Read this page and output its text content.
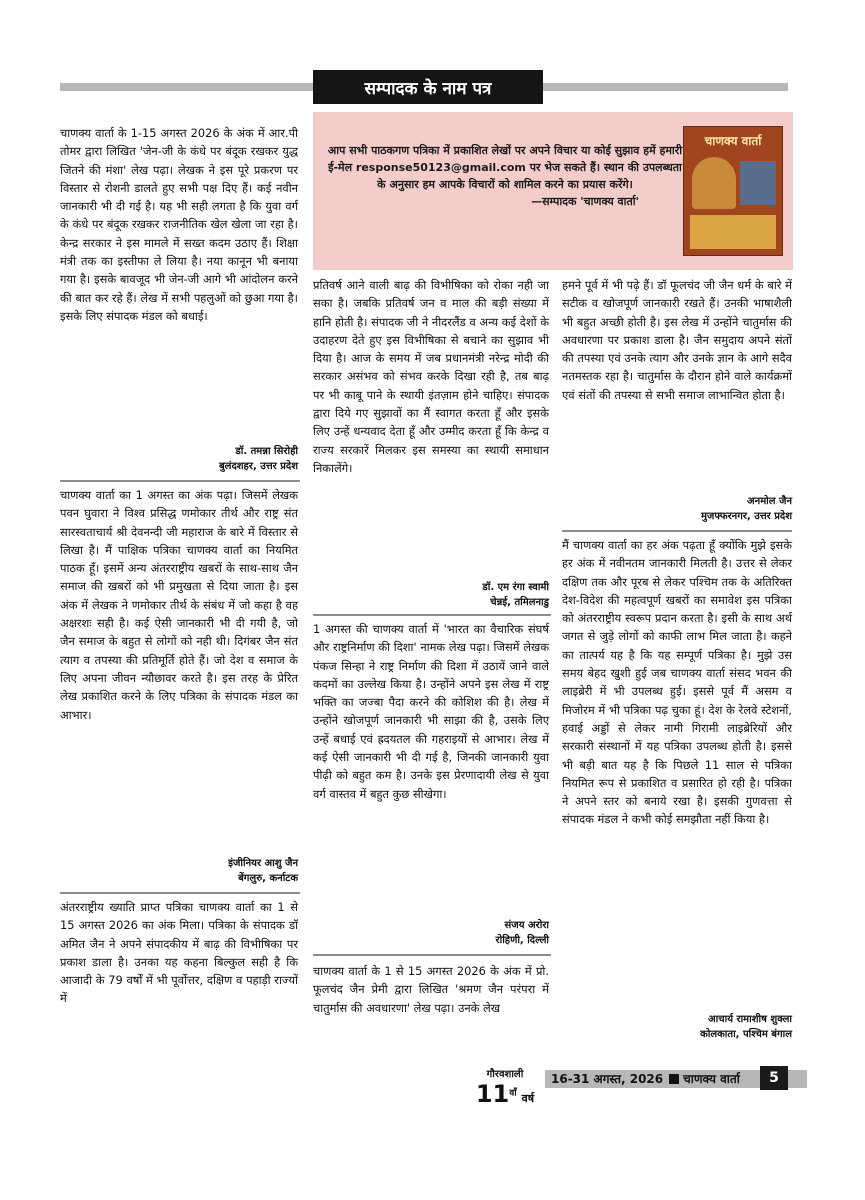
सम्पादक के नाम पत्र
आप सभी पाठकगण पत्रिका में प्रकाशित लेखों पर अपने विचार या कोई सुझाव हमें हमारी ई-मेल response50123@gmail.com पर भेज सकते हैं। स्थान की उपलब्धता के अनुसार हम आपके विचारों को शामिल करने का प्रयास करेंगे।
—सम्पादक 'चाणक्य वार्ता'
चाणक्य वार्ता

चाणक्य वार्ता के 1-15 अगस्त 2026 के अंक में आर.पी तोमर द्वारा लिखित 'जेन-जी के कंधे पर बंदूक रखकर युद्ध जितने की मंशा' लेख पढ़ा। लेखक ने इस पूरे प्रकरण पर विस्तार से रोशनी डालते हुए सभी पक्ष दिए हैं। कई नवीन जानकारी भी दी गई है। यह भी सही लगता है कि युवा वर्ग के कंधे पर बंदूक रखकर राजनीतिक खेल खेला जा रहा है। केन्द्र सरकार ने इस मामले में सख्त कदम उठाए हैं। शिक्षा मंत्री तक का इस्तीफा ले लिया है। नया कानून भी बनाया गया है। इसके बावजूद भी जेन-जी आगे भी आंदोलन करने की बात कर रहे हैं। लेख में सभी पहलुओं को छुआ गया है। इसके लिए संपादक मंडल को बधाई।

डॉ. तमन्ना सिरोही
बुलंदशहर, उत्तर प्रदेश

चाणक्य वार्ता का 1 अगस्त का अंक पढ़ा। जिसमें लेखक पवन घुवारा ने विश्व प्रसिद्ध णमोकार तीर्थ और राष्ट्र संत सारस्वताचार्य श्री देवनन्दी जी महाराज के बारे में विस्तार से लिखा है। मैं पाक्षिक पत्रिका चाणक्य वार्ता का नियमित पाठक हूँ। इसमें अन्य अंतरराष्ट्रीय खबरों के साथ-साथ जैन समाज की खबरों को भी प्रमुखता से दिया जाता है। इस अंक में लेखक ने णमोकार तीर्थ के संबंध में जो कहा है वह अक्षरशः सही है। कई ऐसी जानकारी भी दी गयी है, जो जैन समाज के बहुत से लोगों को नही थी। दिगंबर जैन संत त्याग व तपस्या की प्रतिमूर्ति होते हैं। जो देश व समाज के लिए अपना जीवन न्यौछावर करते है। इस तरह के प्रेरित लेख प्रकाशित करने के लिए पत्रिका के संपादक मंडल का आभार।

इंजीनियर आशु जैन
बेंगलुरु, कर्नाटक

अंतरराष्ट्रीय ख्याति प्राप्त पत्रिका चाणक्य वार्ता का 1 से 15 अगस्त 2026 का अंक मिला। पत्रिका के संपादक डॉ अमित जैन ने अपने संपादकीय में बाढ़ की विभीषिका पर प्रकाश डाला है। उनका यह कहना बिल्कुल सही है कि आजादी के 79 वर्षों में भी पूर्वोत्तर, दक्षिण व पहाड़ी राज्यों में

प्रतिवर्ष आने वाली बाढ़ की विभीषिका को रोका नही जा सका है। जबकि प्रतिवर्ष जन व माल की बड़ी संख्या में हानि होती है। संपादक जी ने नीदरलैंड व अन्य कई देशों के उदाहरण देते हुए इस विभीषिका से बचाने का सुझाव भी दिया है। आज के समय में जब प्रधानमंत्री नरेन्द्र मोदी की सरकार असंभव को संभव करके दिखा रही है, तब बाढ़ पर भी काबू पाने के स्थायी इंतज़ाम होने चाहिए। संपादक द्वारा दिये गए सुझावों का मैं स्वागत करता हूँ और इसके लिए उन्हें धन्यवाद देता हूँ और उम्मीद करता हूँ कि केन्द्र व राज्य सरकारें मिलकर इस समस्या का स्थायी समाधान निकालेंगे।

डॉ. एम रंगा स्वामी
चेन्नई, तमिलनाडु

1 अगस्त की चाणक्य वार्ता में 'भारत का वैचारिक संघर्ष और राष्ट्रनिर्माण की दिशा' नामक लेख पढ़ा। जिसमें लेखक पंकज सिन्हा ने राष्ट्र निर्माण की दिशा में उठायें जाने वाले कदमों का उल्लेख किया है। उन्होंने अपने इस लेख में राष्ट्र भक्ति का जज्बा पैदा करने की कोशिश की है। लेख में उन्होंने खोजपूर्ण जानकारी भी साझा की है, उसके लिए उन्हें बधाई एवं ह्रदयतल की गहराइयों से आभार। लेख में कई ऐसी जानकारी भी दी गई है, जिनकी जानकारी युवा पीढ़ी को बहुत कम है। उनके इस प्रेरणादायी लेख से युवा वर्ग वास्तव में बहुत कुछ सीखेगा।

संजय अरोरा
रोहिणी, दिल्ली

चाणक्य वार्ता के 1 से 15 अगस्त 2026 के अंक में प्रो. फूलचंद जैन प्रेमी द्वारा लिखित 'श्रमण जैन परंपरा में चातुर्मास की अवधारणा' लेख पढ़ा। उनके लेख

हमने पूर्व में भी पढ़े हैं। डॉ फूलचंद जी जैन धर्म के बारे में सटीक व खोजपूर्ण जानकारी रखते हैं। उनकी भाषाशैली भी बहुत अच्छी होती है। इस लेख में उन्होंने चातुर्मास की अवधारणा पर प्रकाश डाला है। जैन समुदाय अपने संतों की तपस्या एवं उनके त्याग और उनके ज्ञान के आगे सदैव नतमस्तक रहा है। चातुर्मास के दौरान होने वाले कार्यक्रमों एवं संतों की तपस्या से सभी समाज लाभान्वित होता है।

अनमोल जैन
मुजफ्फरनगर, उत्तर प्रदेश

मैं चाणक्य वार्ता का हर अंक पढ़ता हूँ क्योंकि मुझे इसके हर अंक में नवीनतम जानकारी मिलती है। उत्तर से लेकर दक्षिण तक और पूरब से लेकर पश्चिम तक के अतिरिक्त देश-विदेश की महत्वपूर्ण खबरों का समावेश इस पत्रिका को अंतरराष्ट्रीय स्वरूप प्रदान करता है। इसी के साथ अर्थ जगत से जुड़े लोगों को काफी लाभ मिल जाता है। कहने का तात्पर्य यह है कि यह सम्पूर्ण पत्रिका है। मुझे उस समय बेहद खुशी हुई जब चाणक्य वार्ता संसद भवन की लाइब्रेरी में भी उपलब्ध हुई। इससे पूर्व मैं असम व मिजोरम में भी पत्रिका पढ़ चुका हूं। देश के रेलवे स्टेशनों, हवाई अड्डों से लेकर नामी गिरामी लाइब्रेरियों और सरकारी संस्थानों में यह पत्रिका उपलब्ध होती है। इससे भी बड़ी बात यह है कि पिछले 11 साल से पत्रिका नियमित रूप से प्रकाशित व प्रसारित हो रही है। पत्रिका ने अपने स्तर को बनाये रखा है। इसकी गुणवत्ता से संपादक मंडल ने कभी कोई समझौता नहीं किया है।

आचार्य रामाशीष शुक्ला
कोलकाता, पश्चिम बंगाल
गौरवशाली
$11^{वाँ}$ वर्ष
16-31 अगस्त, 2026 चाणक्य वार्ता	5
